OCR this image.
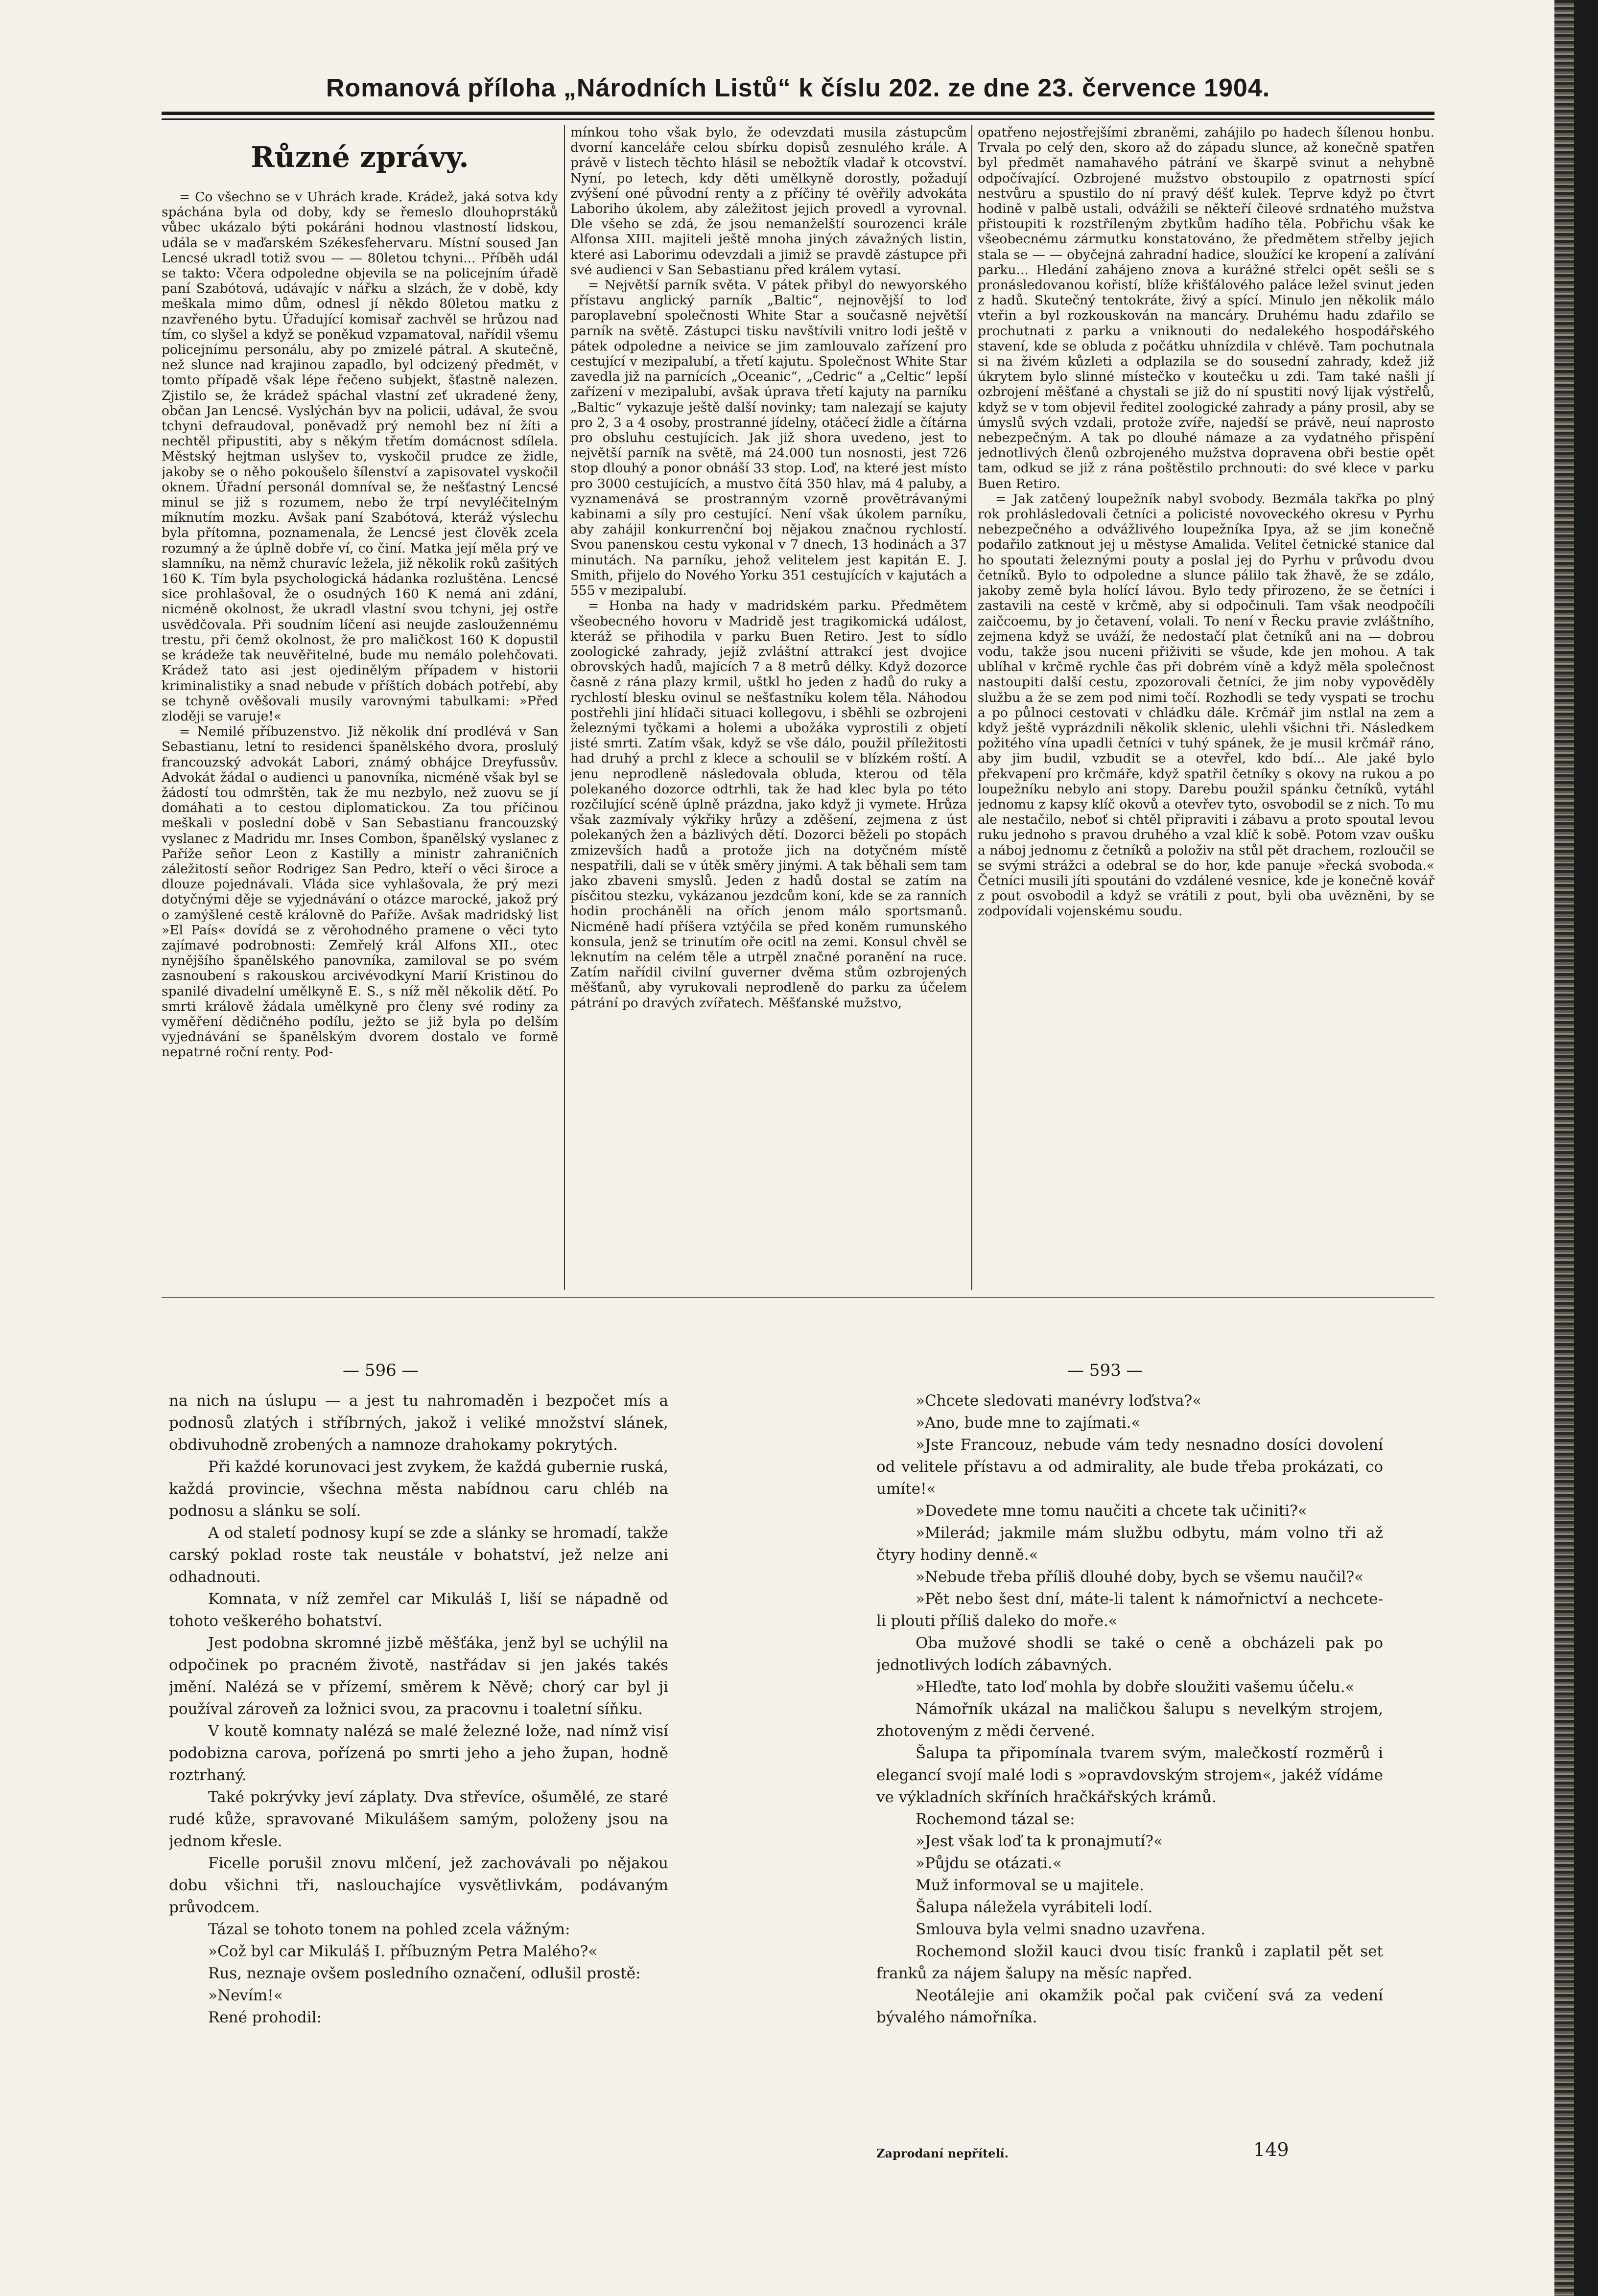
Romanová příloha „Národních Listů“ k číslu 202. ze dne 23. července 1904.
Různé zprávy.

= Co všechno se v Uhrách krade. Krádež, jaká sotva kdy spáchána byla od doby, kdy se řemeslo dlouhoprstáků vůbec ukázalo býti pokáráni hodnou vlastností lidskou, udála se v maďarském Székesfehervaru. Místní soused Jan Lencsé ukradl totiž svou — — 80letou tchyni... Příběh udál se takto: Včera odpoledne objevila se na policejním úřadě paní Szabótová, udávajíc v nářku a slzách, že v době, kdy meškala mimo dům, odnesl jí někdo 80letou matku z nzavřeného bytu. Úřadující komisař zachvěl se hrůzou nad tím, co slyšel a když se poněkud vzpamatoval, nařídil všemu policejnímu personálu, aby po zmizelé pátral. A skutečně, než slunce nad krajinou zapadlo, byl odcizený předmět, v tomto případě však lépe řečeno subjekt, šťastně nalezen. Zjistilo se, že krádež spáchal vlastní zeť ukradené ženy, občan Jan Lencsé. Vyslýchán byv na policii, udával, že svou tchyni defraudoval, poněvadž prý nemohl bez ní žíti a nechtěl připustiti, aby s někým třetím domácnost sdílela. Městský hejtman uslyšev to, vyskočil prudce ze židle, jakoby se o něho pokoušelo šílenství a zapisovatel vyskočil oknem. Úřadní personál domníval se, že nešťastný Lencsé minul se již s rozumem, nebo že trpí nevyléčitelným míknutím mozku. Avšak paní Szabótová, kteráž výslechu byla přítomna, poznamenala, že Lencsé jest člověk zcela rozumný a že úplně dobře ví, co činí. Matka její měla prý ve slamníku, na němž churavíc ležela, již několik roků zašitých 160 K. Tím byla psychologická hádanka rozluštěna. Lencsé sice prohlašoval, že o osudných 160 K nemá ani zdání, nicméně okolnost, že ukradl vlastní svou tchyni, jej ostře usvědčovala. Při soudním líčení asi neujde zasloužennému trestu, při čemž okolnost, že pro maličkost 160 K dopustil se krádeže tak neuvěřitelné, bude mu nemálo polehčovati. Krádež tato asi jest ojedinělým případem v historii kriminalistiky a snad nebude v příštích dobách potřebí, aby se tchyně ověšovali musily varovnými tabulkami: »Před zloději se varuje!«

= Nemilé příbuzenstvo. Již několik dní prodlévá v San Sebastianu, letní to residenci španělského dvora, proslulý francouzský advokát Labori, známý obhájce Dreyfussův. Advokát žádal o audienci u panovníka, nicméně však byl se žádostí tou odmrštěn, tak že mu nezbylo, než zuovu se jí domáhati a to cestou diplomatickou. Za tou příčinou meškali v poslední době v San Sebastianu francouzský vyslanec z Madridu mr. Inses Combon, španělský vyslanec z Paříže señor Leon z Kastilly a ministr zahraničních záležitostí señor Rodrigez San Pedro, kteří o věci široce a dlouze pojednávali. Vláda sice vyhlašovala, že prý mezi dotyčnými děje se vyjednávání o otázce marocké, jakož prý o zamýšlené cestě královně do Paříže. Avšak madridský list »El País« dovídá se z věrohodného pramene o věci tyto zajímavé podrobnosti: Zemřelý král Alfons XII., otec nynějšího španělského panovníka, zamiloval se po svém zasnoubení s rakouskou arcivévodkyní Marií Kristinou do spanilé divadelní umělkyně E. S., s níž měl několik dětí. Po smrti králově žádala umělkyně pro členy své rodiny za vyměření dědičného podílu, ježto se již byla po delším vyjednávání se španělským dvorem dostalo ve formě nepatrné roční renty. Pod-

mínkou toho však bylo, že odevzdati musila zástupcům dvorní kanceláře celou sbírku dopisů zesnulého krále. A právě v listech těchto hlásil se nebožtík vladař k otcovství. Nyní, po letech, kdy děti umělkyně dorostly, požadují zvýšení oné původní renty a z příčiny té ověřily advokáta Laboriho úkolem, aby záležitost jejich provedl a vyrovnal. Dle všeho se zdá, že jsou nemanželští sourozenci krále Alfonsa XIII. majiteli ještě mnoha jiných závažných listin, které asi Laborimu odevzdali a jimiž se pravdě zástupce při své audienci v San Sebastianu před králem vytasí.

= Největší parník světa. V pátek přibyl do newyorského přístavu anglický parník „Baltic“, nejnovější to loď paroplavební společnosti White Star a současně největší parník na světě. Zástupci tisku navštívili vnitro lodi ještě v pátek odpoledne a neivice se jim zamlouvalo zařízení pro cestující v mezipalubí, a třetí kajutu. Společnost White Star zavedla již na parnících „Oceanic“, „Cedric“ a „Celtic“ lepší zařízení v mezipalubí, avšak úprava třetí kajuty na parníku „Baltic“ vykazuje ještě další novinky; tam nalezají se kajuty pro 2, 3 a 4 osoby, prostranné jídelny, otáčecí židle a čítárna pro obsluhu cestujících. Jak již shora uvedeno, jest to největší parník na světě, má 24.000 tun nosnosti, jest 726 stop dlouhý a ponor obnáší 33 stop. Loď, na které jest místo pro 3000 cestujících, a mustvo čítá 350 hlav, má 4 paluby, a vyznamenává se prostranným vzorně provětrávanými kabinami a síly pro cestující. Není však úkolem parníku, aby zahájil konkurrenční boj nějakou značnou rychlostí. Svou panenskou cestu vykonal v 7 dnech, 13 hodinách a 37 minutách. Na parníku, jehož velitelem jest kapitán E. J. Smith, přijelo do Nového Yorku 351 cestujících v kajutách a 555 v mezipalubí.

= Honba na hady v madridském parku. Předmětem všeobecného hovoru v Madridě jest tragikomická událost, kteráž se přihodila v parku Buen Retiro. Jest to sídlo zoologické zahrady, jejíž zvláštní attrakcí jest dvojice obrovských hadů, majících 7 a 8 metrů délky. Když dozorce časně z rána plazy krmil, uštkl ho jeden z hadů do ruky a rychlostí blesku ovinul se nešťastníku kolem těla. Náhodou postřehli jiní hlídači situaci kollegovu, i sběhli se ozbrojeni železnými tyčkami a holemi a ubožáka vyprostili z objetí jisté smrti. Zatím však, když se vše dálo, použil příležitosti had druhý a prchl z klece a schoulil se v blízkém roští. A jenu neprodleně následovala obluda, kterou od těla polekaného dozorce odtrhli, tak že had klec byla po této rozčilující scéně úplně prázdna, jako když ji vymete. Hrůza však zazmívaly výkřiky hrůzy a zděšení, zejmena z úst polekaných žen a bázlivých dětí. Dozorci běželi po stopách zmizevších hadů a protože jich na dotyčném místě nespatřili, dali se v útěk směry jinými. A tak běhali sem tam jako zbaveni smyslů. Jeden z hadů dostal se zatím na písčitou stezku, vykázanou jezdcům koní, kde se za ranních hodin procháněli na ořích jenom málo sportsmanů. Nicméně hadí příšera vztýčila se před koněm rumunského konsula, jenž se trinutím oře ocitl na zemi. Konsul chvěl se leknutím na celém těle a utrpěl značné poranění na ruce. Zatím nařídil civilní guverner dvěma stům ozbrojených měšťanů, aby vyrukovali neprodleně do parku za účelem pátrání po dravých zvířatech. Měšťanské mužstvo,

opatřeno nejostřejšími zbraněmi, zahájilo po hadech šílenou honbu. Trvala po celý den, skoro až do západu slunce, až konečně spatřen byl předmět namahavého pátrání ve škarpě svinut a nehybně odpočívající. Ozbrojené mužstvo obstoupilo z opatrnosti spící nestvůru a spustilo do ní pravý déšť kulek. Teprve když po čtvrt hodině v palbě ustali, odvážili se někteří čileové srdnatého mužstva přistoupiti k rozstříleným zbytkům hadího těla. Pobřichu však ke všeobecnému zármutku konstatováno, že předmětem střelby jejich stala se — — obyčejná zahradní hadice, sloužící ke kropení a zalívání parku... Hledání zahájeno znova a kurážné střelci opět sešli se s pronásledovanou kořistí, blíže křišťálového paláce ležel svinut jeden z hadů. Skutečný tentokráte, živý a spící. Minulo jen několik málo vteřin a byl rozkouskován na mancáry. Druhému hadu zdařilo se prochutnati z parku a vniknouti do nedalekého hospodářského stavení, kde se obluda z počátku uhnízdila v chlévě. Tam pochutnala si na živém kůzleti a odplazila se do sousední zahrady, kdež již úkrytem bylo slinné místečko v koutečku u zdi. Tam také našli jí ozbrojení měšťané a chystali se již do ní spustiti nový lijak výstřelů, když se v tom objevil ředitel zoologické zahrady a pány prosil, aby se úmyslů svých vzdali, protože zvíře, najedší se právě, neuí naprosto nebezpečným. A tak po dlouhé námaze a za vydatného přispění jednotlivých členů ozbrojeného mužstva dopravena obři bestie opět tam, odkud se již z rána poštěstilo prchnouti: do své klece v parku Buen Retiro.

= Jak zatčený loupežník nabyl svobody. Bezmála takřka po plný rok prohlásledovali četníci a policisté novoveckého okresu v Pyrhu nebezpečného a odvážlivého loupežníka Ipya, až se jim konečně podařilo zatknout jej u městyse Amalida. Velitel četnické stanice dal ho spoutati železnými pouty a poslal jej do Pyrhu v průvodu dvou četníků. Bylo to odpoledne a slunce pálilo tak žhavě, že se zdálo, jakoby země byla holící lávou. Bylo tedy přirozeno, že se četníci i zastavili na cestě v krčmě, aby si odpočinuli. Tam však neodpočíli zaičcoemu, by jo četavení, volali. To není v Řecku pravie zvláštního, zejmena když se uváží, že nedostačí plat četníků ani na — dobrou vodu, takže jsou nuceni přiživiti se všude, kde jen mohou. A tak ublíhal v krčmě rychle čas při dobrém víně a když měla společnost nastoupiti další cestu, zpozorovali četníci, že jim noby vypověděly službu a že se zem pod nimi točí. Rozhodli se tedy vyspati se trochu a po půlnoci cestovati v chládku dále. Krčmář jim nstlal na zem a když ještě vyprázdnili několik sklenic, ulehli všichni tři. Následkem požitého vína upadli četníci v tuhý spánek, že je musil krčmář ráno, aby jim budil, vzbudit se a otevřel, kdo bdí... Ale jaké bylo překvapení pro krčmáře, když spatřil četníky s okovy na rukou a po loupežníku nebylo ani stopy. Darebu použil spánku četníků, vytáhl jednomu z kapsy klíč okovů a otevřev tyto, osvobodil se z nich. To mu ale nestačilo, neboť si chtěl připraviti i zábavu a proto spoutal levou ruku jednoho s pravou druhého a vzal klíč k sobě. Potom vzav oušku a náboj jednomu z četníků a položiv na stůl pět drachem, rozloučil se se svými strážci a odebral se do hor, kde panuje »řecká svoboda.« Četníci musili jíti spoutáni do vzdálené vesnice, kde je konečně kovář z pout osvobodil a když se vrátili z pout, byli oba uvězněni, by se zodpovídali vojenskému soudu.

— 596 —	— 593 —

na nich na úslupu — a jest tu nahromaděn i bezpočet mís a podnosů zlatých i stříbrných, jakož i veliké množství slánek, obdivuhodně zrobených a namnoze drahokamy pokrytých.

Při každé korunovaci jest zvykem, že každá gubernie ruská, každá provincie, všechna města nabídnou caru chléb na podnosu a slánku se solí.

A od staletí podnosy kupí se zde a slánky se hromadí, takže carský poklad roste tak neustále v bohatství, jež nelze ani odhadnouti.

Komnata, v níž zemřel car Mikuláš I, liší se nápadně od tohoto veškerého bohatství.

Jest podobna skromné jizbě měšťáka, jenž byl se uchýlil na odpočinek po pracném životě, nastřádav si jen jakés takés jmění. Nalézá se v přízemí, směrem k Něvě; chorý car byl ji používal zároveň za ložnici svou, za pracovnu i toaletní síňku.

V koutě komnaty nalézá se malé železné lože, nad nímž visí podobizna carova, pořízená po smrti jeho a jeho župan, hodně roztrhaný.

Také pokrývky jeví záplaty. Dva střevíce, ošumělé, ze staré rudé kůže, spravované Mikulášem samým, položeny jsou na jednom křesle.

Ficelle porušil znovu mlčení, jež zachovávali po nějakou dobu všichni tři, naslouchajíce vysvětlivkám, podávaným průvodcem.

Tázal se tohoto tonem na pohled zcela vážným:

»Což byl car Mikuláš I. příbuzným Petra Malého?«

Rus, neznaje ovšem posledního označení, odlušil prostě:

»Nevím!«

René prohodil:

»Chcete sledovati manévry loďstva?«

»Ano, bude mne to zajímati.«

»Jste Francouz, nebude vám tedy nesnadno dosíci dovolení od velitele přístavu a od admirality, ale bude třeba prokázati, co umíte!«

»Dovedete mne tomu naučiti a chcete tak učiniti?«

»Milerád; jakmile mám službu odbytu, mám volno tři až čtyry hodiny denně.«

»Nebude třeba příliš dlouhé doby, bych se všemu naučil?«

»Pět nebo šest dní, máte-li talent k námořnictví a nechcete-li plouti příliš daleko do moře.«

Oba mužové shodli se také o ceně a obcházeli pak po jednotlivých lodích zábavných.

»Hleďte, tato loď mohla by dobře sloužiti vašemu účelu.«

Námořník ukázal na maličkou šalupu s nevelkým strojem, zhotoveným z mědi červené.

Šalupa ta připomínala tvarem svým, malečkostí rozměrů i elegancí svojí malé lodi s »opravdovským strojem«, jakéž vídáme ve výkladních skříních hračkářských krámů.

Rochemond tázal se:

»Jest však loď ta k pronajmutí?«

»Půjdu se otázati.«

Muž informoval se u majitele.

Šalupa náležela vyrábiteli lodí.

Smlouva byla velmi snadno uzavřena.

Rochemond složil kauci dvou tisíc franků i zaplatil pět set franků za nájem šalupy na měsíc napřed.

Neotálejie ani okamžik počal pak cvičení svá za vedení bývalého námořníka.

Zaprodaní nepřítelí.	149
